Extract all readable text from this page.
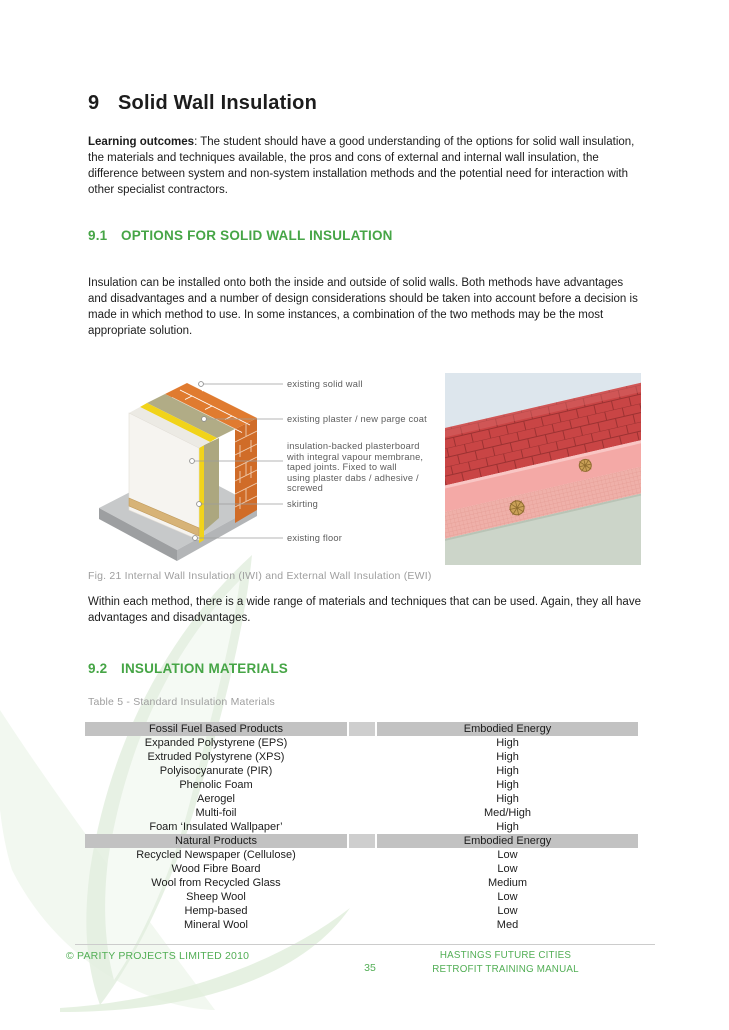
9 Solid Wall Insulation

Learning outcomes: The student should have a good understanding of the options for solid wall insulation, the materials and techniques available, the pros and cons of external and internal wall insulation, the difference between system and non-system installation methods and the potential need for interaction with other specialist contractors.

9.1	OPTIONS FOR SOLID WALL INSULATION

Insulation can be installed onto both the inside and outside of solid walls. Both methods have advantages and disadvantages and a number of design considerations should be taken into account before a decision is made in which method to use. In some instances, a combination of the two methods may be the most appropriate solution.

existing solid wall
existing plaster / new parge coat
insulation-backed plasterboard
with integral vapour membrane,
taped joints. Fixed to wall
using plaster dabs / adhesive /
screwed
skirting
existing floor
Fig. 21 Internal Wall Insulation (IWI) and External Wall Insulation (EWI)

Within each method, there is a wide range of materials and techniques that can be used. Again, they all have advantages and disadvantages.

9.2	INSULATION MATERIALS
Table 5 - Standard Insulation Materials
Fossil Fuel Based Products	Embodied Energy
Expanded Polystyrene (EPS)	High
Extruded Polystyrene (XPS)	High
Polyisocyanurate (PIR)	High
Phenolic Foam	High
Aerogel	High
Multi-foil	Med/High
Foam ‘Insulated Wallpaper’	High
Natural Products	Embodied Energy
Recycled Newspaper (Cellulose)	Low
Wood Fibre Board	Low
Wool from Recycled Glass	Medium
Sheep Wool	Low
Hemp-based	Low
Mineral Wool	Med
© PARITY PROJECTS LIMITED 2010
35
HASTINGS FUTURE CITIES
RETROFIT TRAINING MANUAL
